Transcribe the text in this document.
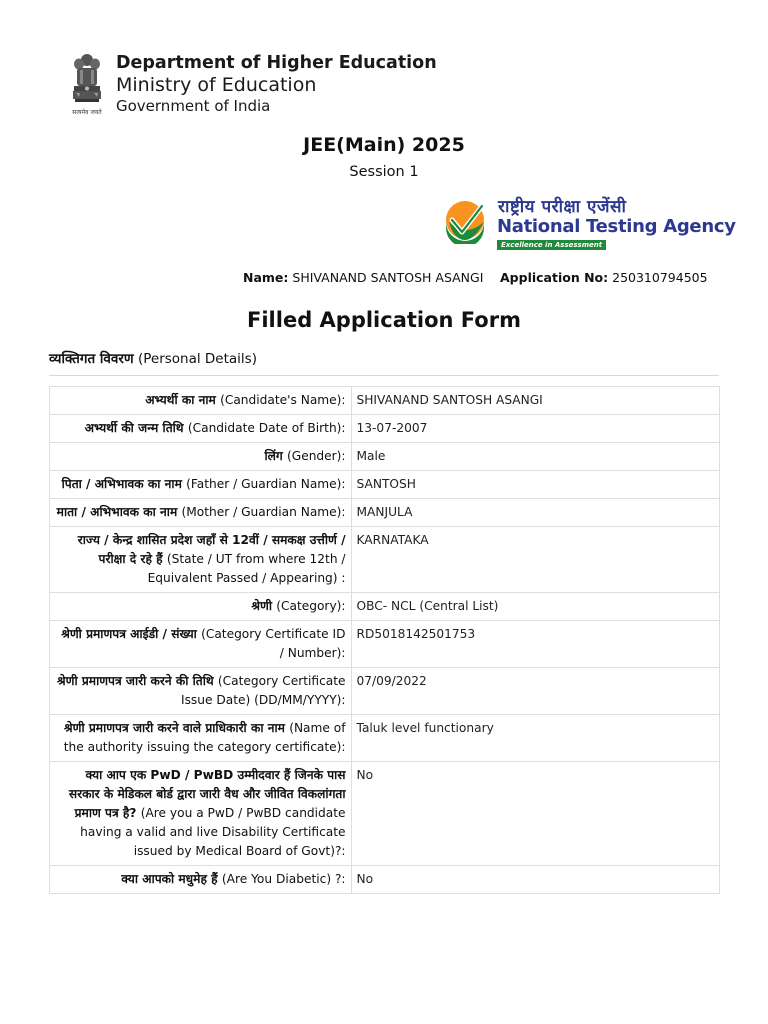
सत्यमेव जयते
Department of Higher Education
Ministry of Education
Government of India
JEE(Main) 2025
Session 1
राष्ट्रीय परीक्षा एजेंसी
National Testing Agency
Excellence in Assessment
Name: SHIVANAND SANTOSH ASANGI Application No: 250310794505
Filled Application Form
व्यक्तिगत विवरण (Personal Details)
अभ्यर्थी का नाम (Candidate's Name):	SHIVANAND SANTOSH ASANGI
अभ्यर्थी की जन्म तिथि (Candidate Date of Birth):	13-07-2007
लिंग (Gender):	Male
पिता / अभिभावक का नाम (Father / Guardian Name):	SANTOSH
माता / अभिभावक का नाम (Mother / Guardian Name):	MANJULA
राज्य / केन्द्र शासित प्रदेश जहाँ से 12वीं / समकक्ष उत्तीर्ण / परीक्षा दे रहे हैं (State / UT from where 12th / Equivalent Passed / Appearing) :	KARNATAKA
श्रेणी (Category):	OBC- NCL (Central List)
श्रेणी प्रमाणपत्र आईडी / संख्या (Category Certificate ID / Number):	RD5018142501753
श्रेणी प्रमाणपत्र जारी करने की तिथि (Category Certificate Issue Date) (DD/MM/YYYY):	07/09/2022
श्रेणी प्रमाणपत्र जारी करने वाले प्राधिकारी का नाम (Name of the authority issuing the category certificate):	Taluk level functionary
क्या आप एक PwD / PwBD उम्मीदवार हैं जिनके पास सरकार के मेडिकल बोर्ड द्वारा जारी वैध और जीवित विकलांगता प्रमाण पत्र है? (Are you a PwD / PwBD candidate having a valid and live Disability Certificate issued by Medical Board of Govt)?:	No
क्या आपको मधुमेह हैं (Are You Diabetic) ?:	No
